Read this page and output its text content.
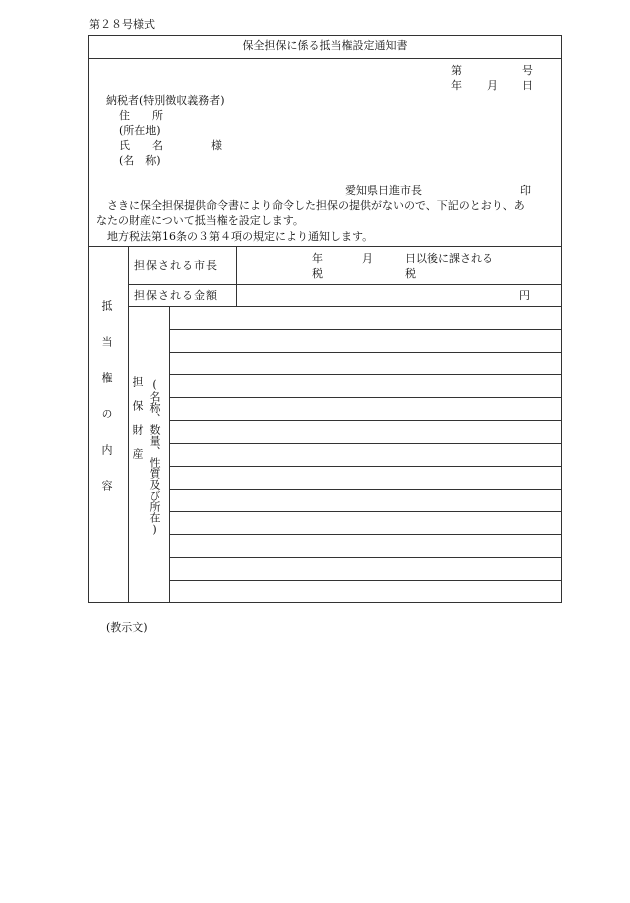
第２８号様式
保全担保に係る抵当権設定通知書
第	号
年 月 日
納税者(特別徴収義務者)
住　　所
(所在地)
氏　　名	様
(名　称)
愛知県日進市長	印
さきに保全担保提供命令書により命令した担保の提供がないので、下記のとおり、あ
なたの財産について抵当権を設定します。
地方税法第16条の３第４項の規定により通知します。
抵当権の内容
担保される市長
年	月	日以後に課される
税	税
担保される金額	円
担保財産 (名称、数量、性質及び所在)
(教示文)
